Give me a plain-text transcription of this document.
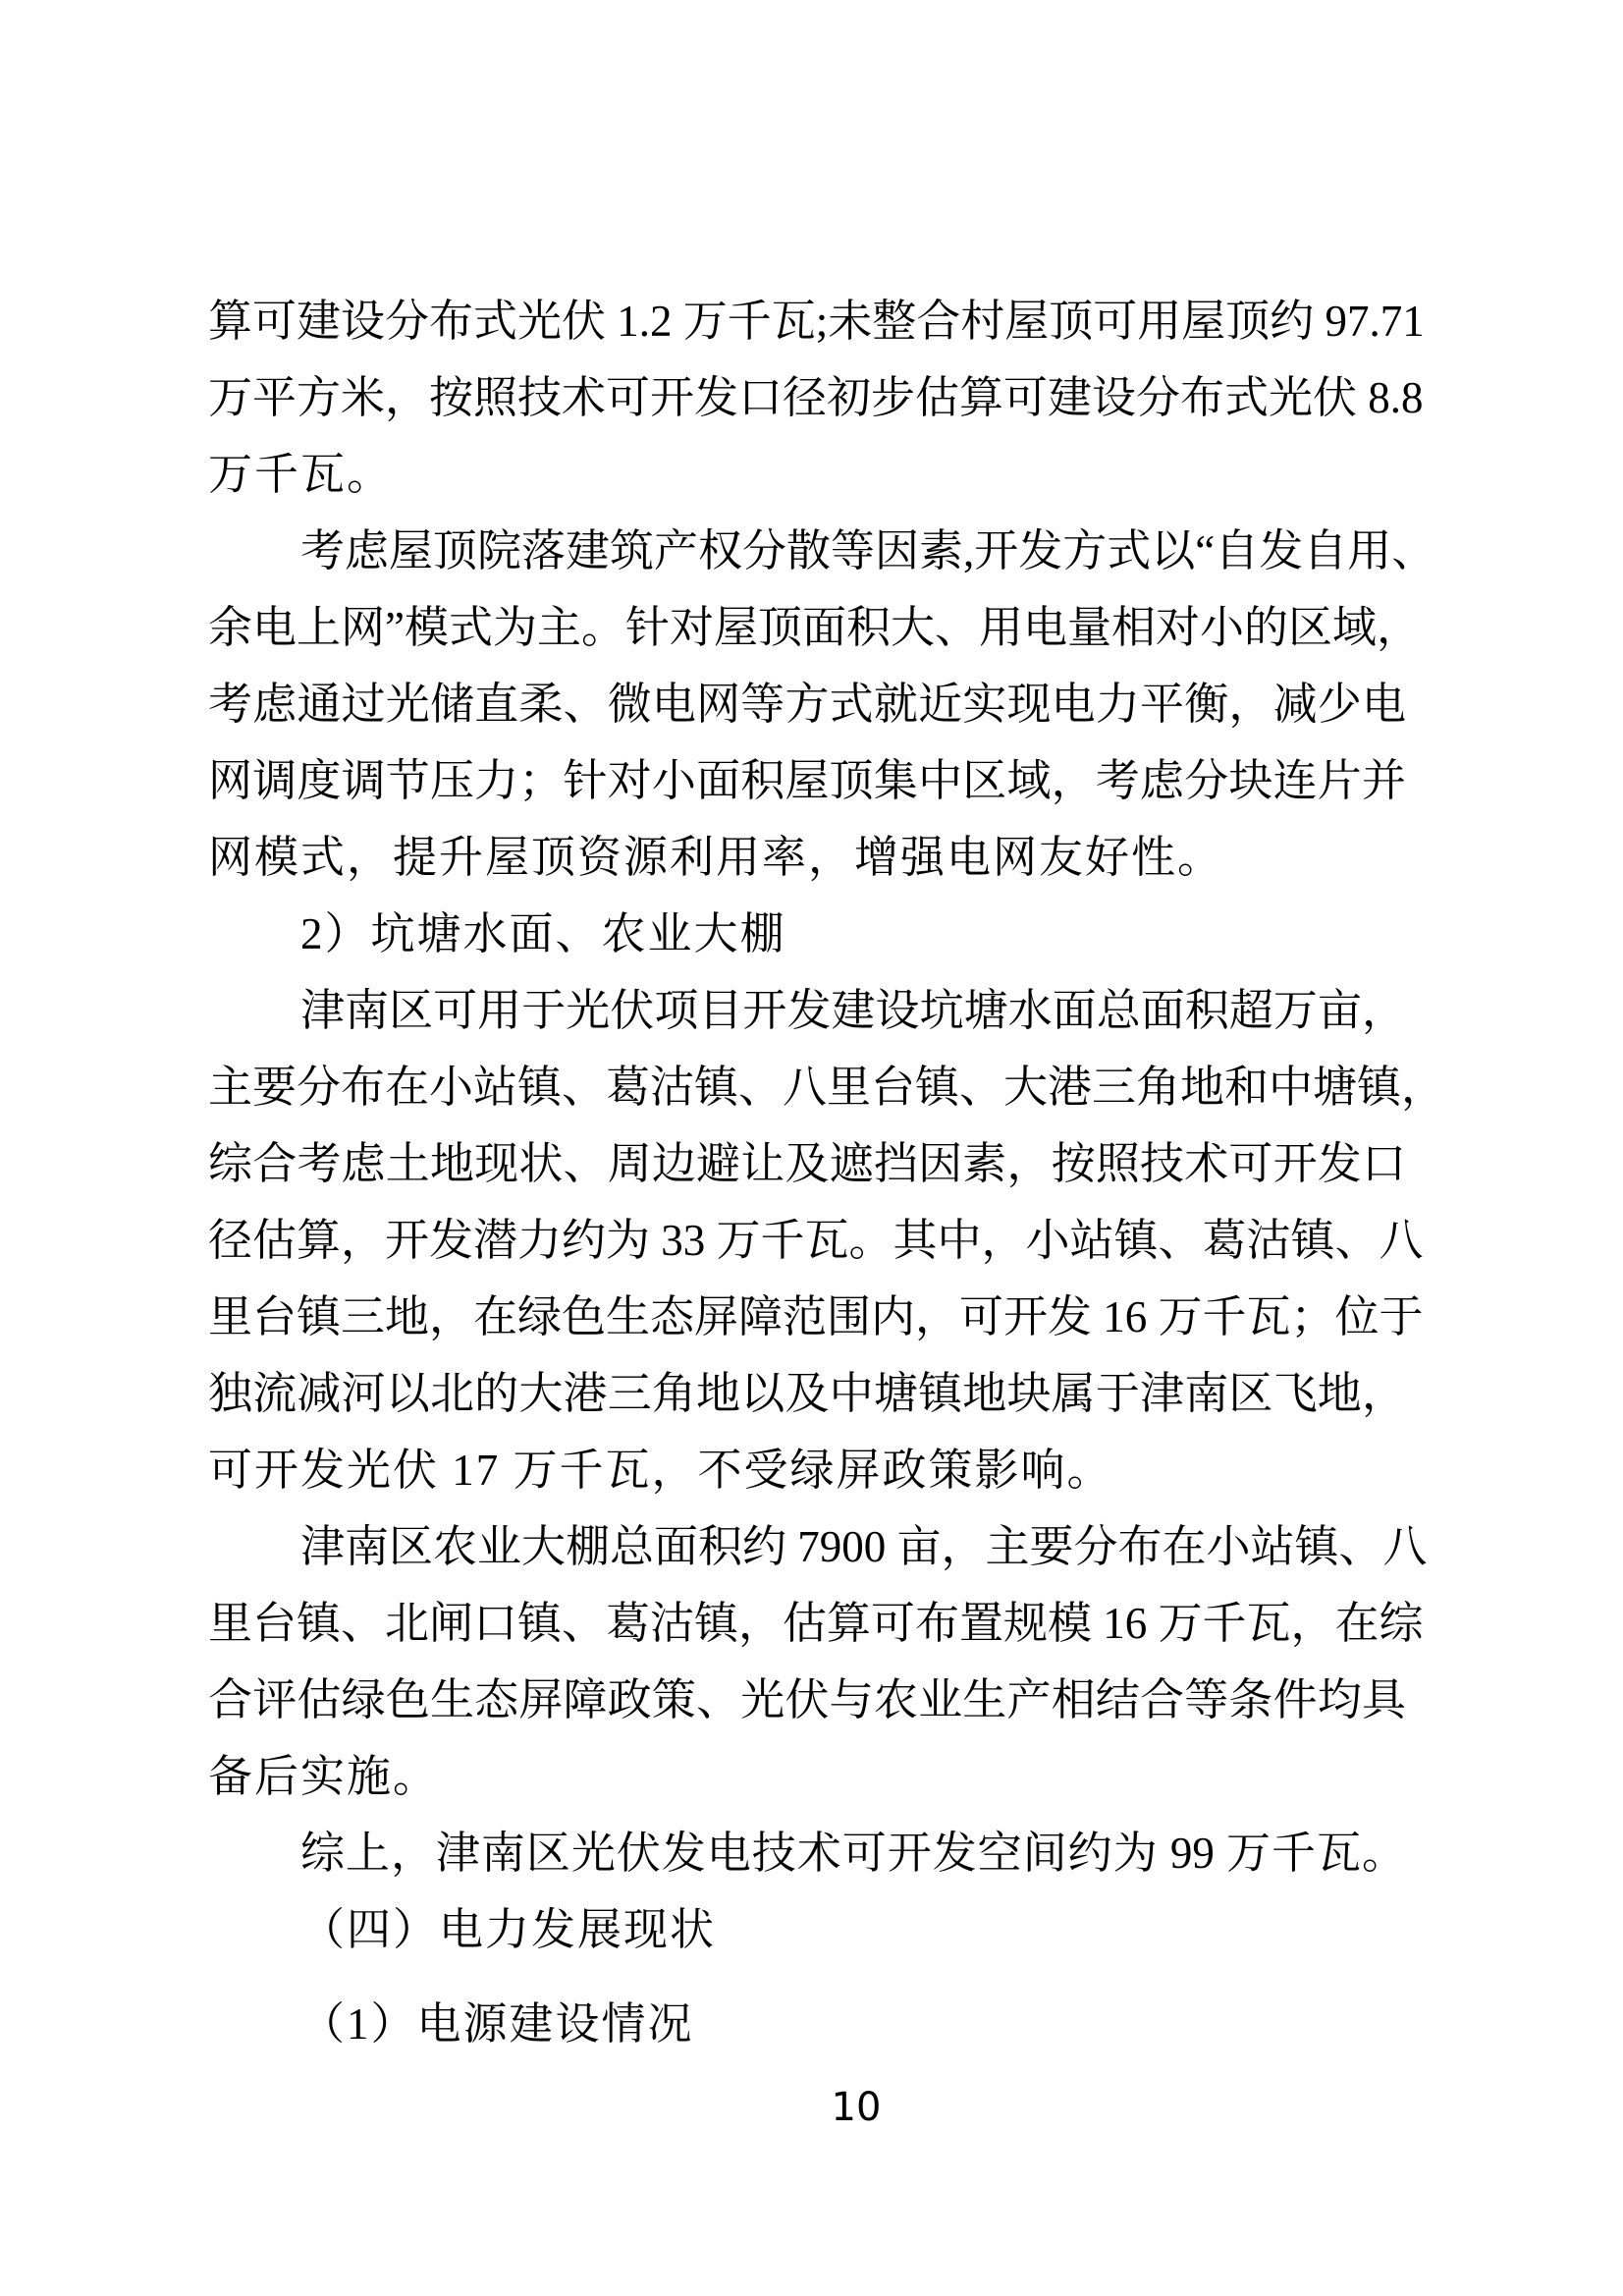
算可建设分布式光伏 1.2 万千瓦;未整合村屋顶可用屋顶约 97.71
万平方米，按照技术可开发口径初步估算可建设分布式光伏 8.8
万千瓦。
考虑屋顶院落建筑产权分散等因素,开发方式以“自发自用、
余电上网”模式为主。针对屋顶面积大、用电量相对小的区域，
考虑通过光储直柔、微电网等方式就近实现电力平衡，减少电
网调度调节压力；针对小面积屋顶集中区域，考虑分块连片并
网模式，提升屋顶资源利用率，增强电网友好性。
2）坑塘水面、农业大棚
津南区可用于光伏项目开发建设坑塘水面总面积超万亩，
主要分布在小站镇、葛沽镇、八里台镇、大港三角地和中塘镇，
综合考虑土地现状、周边避让及遮挡因素，按照技术可开发口
径估算，开发潜力约为 33 万千瓦。其中，小站镇、葛沽镇、八
里台镇三地，在绿色生态屏障范围内，可开发 16 万千瓦；位于
独流减河以北的大港三角地以及中塘镇地块属于津南区飞地，
可开发光伏 17 万千瓦，不受绿屏政策影响。
津南区农业大棚总面积约 7900 亩，主要分布在小站镇、八
里台镇、北闸口镇、葛沽镇，估算可布置规模 16 万千瓦，在综
合评估绿色生态屏障政策、光伏与农业生产相结合等条件均具
备后实施。
综上，津南区光伏发电技术可开发空间约为 99 万千瓦。
（四）电力发展现状
（1）电源建设情况
10
